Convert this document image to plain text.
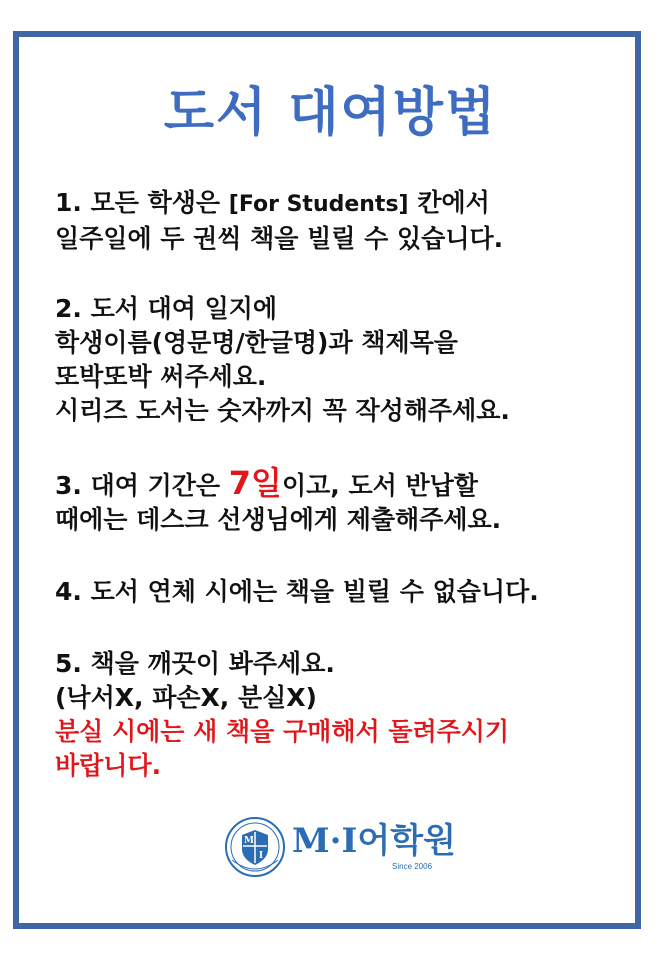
도서 대여방법
1. 모든 학생은 [For Students] 칸에서
일주일에 두 권씩 책을 빌릴 수 있습니다.
2. 도서 대여 일지에
학생이름(영문명/한글명)과 책제목을
또박또박 써주세요.
시리즈 도서는 숫자까지 꼭 작성해주세요.
3. 대여 기간은 7일이고, 도서 반납할
때에는 데스크 선생님에게 제출해주세요.
4. 도서 연체 시에는 책을 빌릴 수 없습니다.
5. 책을 깨끗이 봐주세요.
(낙서X, 파손X, 분실X)
분실 시에는 새 책을 구매해서 돌려주시기
바랍니다.
M
I M·I어학원
Since 2006
